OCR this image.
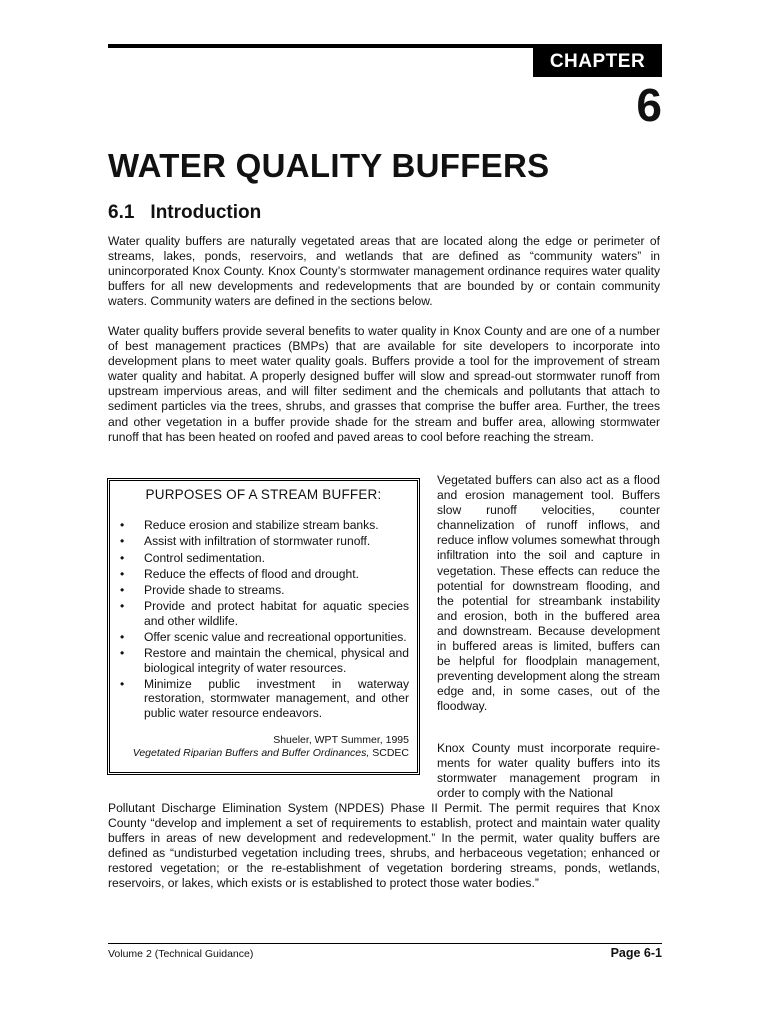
CHAPTER
6
WATER QUALITY BUFFERS
6.1 Introduction

Water quality buffers are naturally vegetated areas that are located along the edge or perimeter of streams, lakes, ponds, reservoirs, and wetlands that are defined as “community waters” in unincorporated Knox County. Knox County’s stormwater management ordinance requires water quality buffers for all new developments and redevelopments that are bounded by or contain community waters. Community waters are defined in the sections below.

Water quality buffers provide several benefits to water quality in Knox County and are one of a number of best management practices (BMPs) that are available for site developers to incorporate into development plans to meet water quality goals. Buffers provide a tool for the improvement of stream water quality and habitat. A properly designed buffer will slow and spread-out stormwater runoff from upstream impervious areas, and will filter sediment and the chemicals and pollutants that attach to sediment particles via the trees, shrubs, and grasses that comprise the buffer area. Further, the trees and other vegetation in a buffer provide shade for the stream and buffer area, allowing stormwater runoff that has been heated on roofed and paved areas to cool before reaching the stream.

PURPOSES OF A STREAM BUFFER:
• Reduce erosion and stabilize stream banks.
• Assist with infiltration of stormwater runoff.
• Control sedimentation.
• Reduce the effects of flood and drought.
• Provide shade to streams.
• Provide and protect habitat for aquatic species and other wildlife.
• Offer scenic value and recreational opportunities.
• Restore and maintain the chemical, physical and biological integrity of water resources.
• Minimize public investment in waterway restoration, stormwater management, and other public water resource endeavors.
Shueler, WPT Summer, 1995
Vegetated Riparian Buffers and Buffer Ordinances, SCDEC

Vegetated buffers can also act as a flood and erosion management tool. Buffers slow runoff velocities, counter channelization of runoff inflows, and reduce inflow volumes somewhat through infiltration into the soil and capture in vegetation. These effects can reduce the potential for downstream flooding, and the potential for streambank instability and erosion, both in the buffered area and downstream. Because development in buffered areas is limited, buffers can be helpful for floodplain management, preventing development along the stream edge and, in some cases, out of the floodway.

Knox County must incorporate require-ments for water quality buffers into its stormwater management program in order to comply with the National

Pollutant Discharge Elimination System (NPDES) Phase II Permit. The permit requires that Knox County “develop and implement a set of requirements to establish, protect and maintain water quality buffers in areas of new development and redevelopment.” In the permit, water quality buffers are defined as “undisturbed vegetation including trees, shrubs, and herbaceous vegetation; enhanced or restored vegetation; or the re-establishment of vegetation bordering streams, ponds, wetlands, reservoirs, or lakes, which exists or is established to protect those water bodies.”

Volume 2 (Technical Guidance)	Page 6-1
